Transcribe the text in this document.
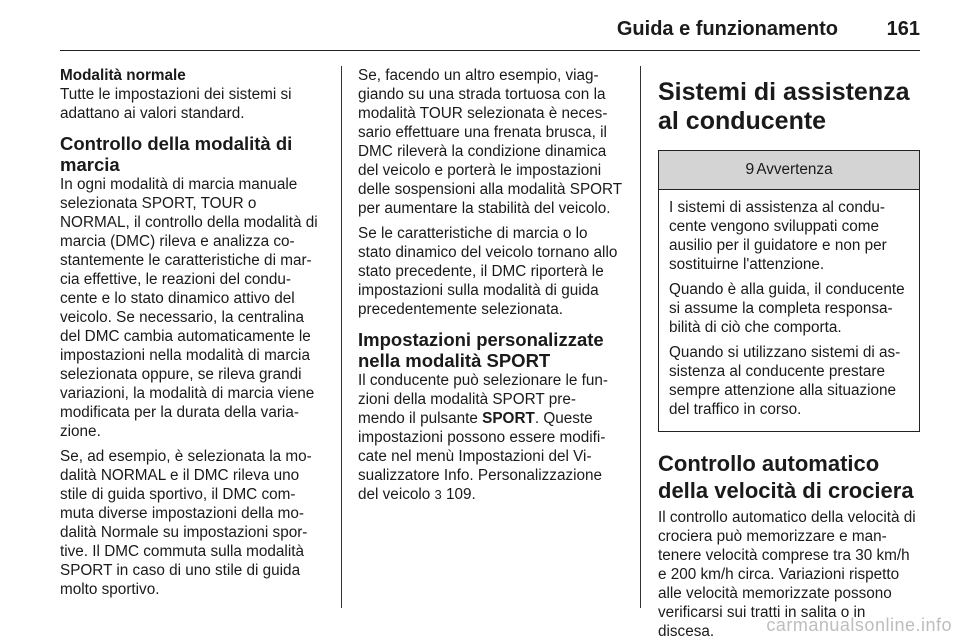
Guida e funzionamento 161
Modalità normale

Tutte le impostazioni dei sistemi si adattano ai valori standard.

Controllo della modalità di marcia

In ogni modalità di marcia manuale selezionata SPORT, TOUR o NORMAL, il controllo della modalità di marcia (DMC) rileva e analizza co-stantemente le caratteristiche di mar-cia effettive, le reazioni del condu-cente e lo stato dinamico attivo del veicolo. Se necessario, la centralina del DMC cambia automaticamente le impostazioni nella modalità di marcia selezionata oppure, se rileva grandi variazioni, la modalità di marcia viene modificata per la durata della varia-zione.

Se, ad esempio, è selezionata la mo-dalità NORMAL e il DMC rileva uno stile di guida sportivo, il DMC com-muta diverse impostazioni della mo-dalità Normale su impostazioni spor-tive. Il DMC commuta sulla modalità SPORT in caso di uno stile di guida molto sportivo.

Se, facendo un altro esempio, viag-giando su una strada tortuosa con la modalità TOUR selezionata è neces-sario effettuare una frenata brusca, il DMC rileverà la condizione dinamica del veicolo e porterà le impostazioni delle sospensioni alla modalità SPORT per aumentare la stabilità del veicolo.

Se le caratteristiche di marcia o lo stato dinamico del veicolo tornano allo stato precedente, il DMC riporterà le impostazioni sulla modalità di guida precedentemente selezionata.

Impostazioni personalizzate nella modalità SPORT

Il conducente può selezionare le fun-zioni della modalità SPORT pre-mendo il pulsante SPORT. Queste impostazioni possono essere modifi-cate nel menù Impostazioni del Vi-sualizzatore Info. Personalizzazione del veicolo 3 109.

Sistemi di assistenza al conducente
9 Avvertenza

I sistemi di assistenza al condu-cente vengono sviluppati come ausilio per il guidatore e non per sostituirne l'attenzione.

Quando è alla guida, il conducente si assume la completa responsa-bilità di ciò che comporta.

Quando si utilizzano sistemi di as-sistenza al conducente prestare sempre attenzione alla situazione del traffico in corso.

Controllo automatico della velocità di crociera

Il controllo automatico della velocità di crociera può memorizzare e man-tenere velocità comprese tra 30 km/h e 200 km/h circa. Variazioni rispetto alle velocità memorizzate possono verificarsi sui tratti in salita o in discesa.	carmanualsonline.info
